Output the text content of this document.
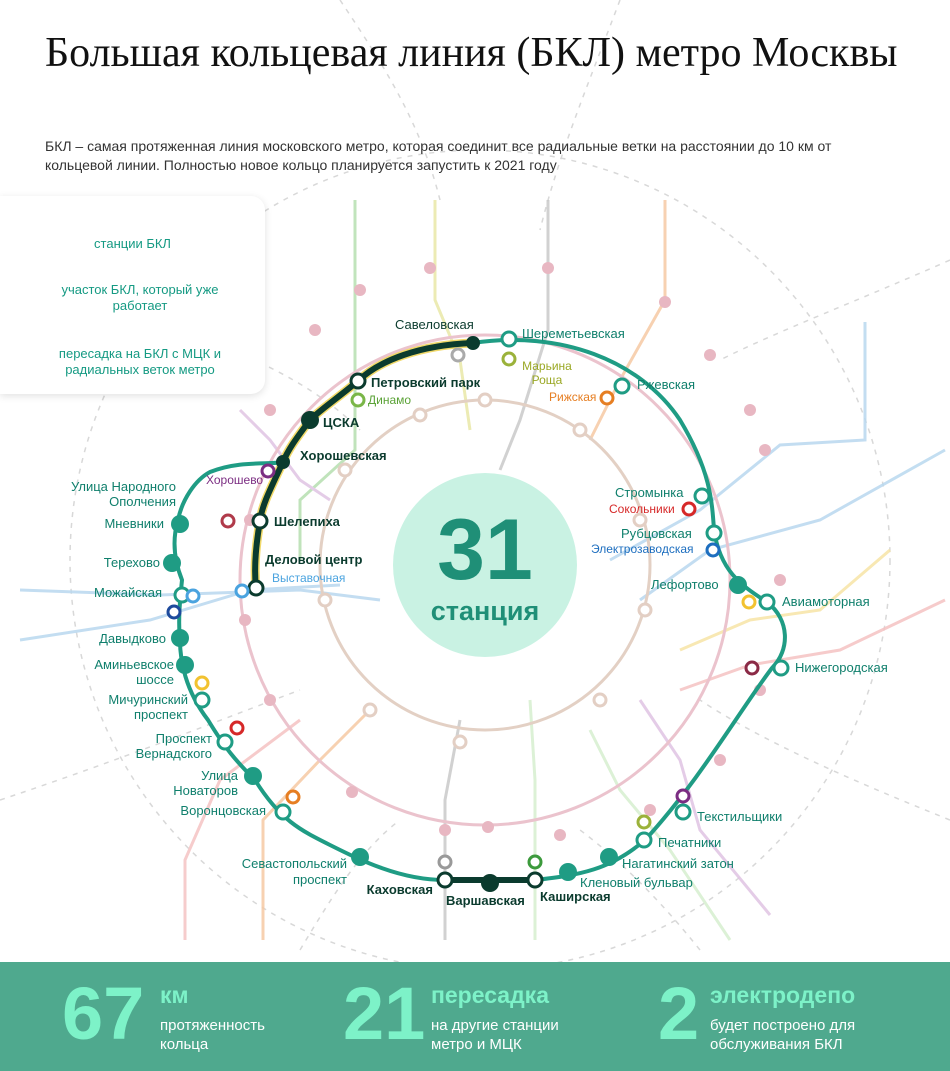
Большая кольцевая линия (БКЛ) метро Москвы

БКЛ – самая протяженная линия московского метро, которая соединит все радиальные ветки на расстоянии до 10 км от кольцевой линии. Полностью новое кольцо планируется запустить к 2021 году

станции БКЛ
участок БКЛ, который уже работает
пересадка на БКЛ с МЦК и радиальных веток метро
31
станция
Савеловская
Петровский парк
ЦСКА
Хорошевская
Шелепиха
Деловой центр
Шереметьевская
Ржевская
Стромынка
Рубцовская
Лефортово
Авиамоторная
Нижегородская
Текстильщики
Печатники
Нагатинский затон
Кленовый бульвар
Каширская
Варшавская
Каховская
Севастопольский проспект
Воронцовская
Улица Новаторов
Проспект Вернадского
Мичуринский проспект
Аминьевское шоссе
Давыдково
Можайская
Терехово
Мневники
Улица Народного Ополчения
Динамо
Марьина Роща
Рижская
Сокольники
Электрозаводская
Хорошево
Выставочная
67 км
протяженность кольца	21 пересадка
на другие станции метро и МЦК	2 электродепо
будет построено для обслуживания БКЛ
